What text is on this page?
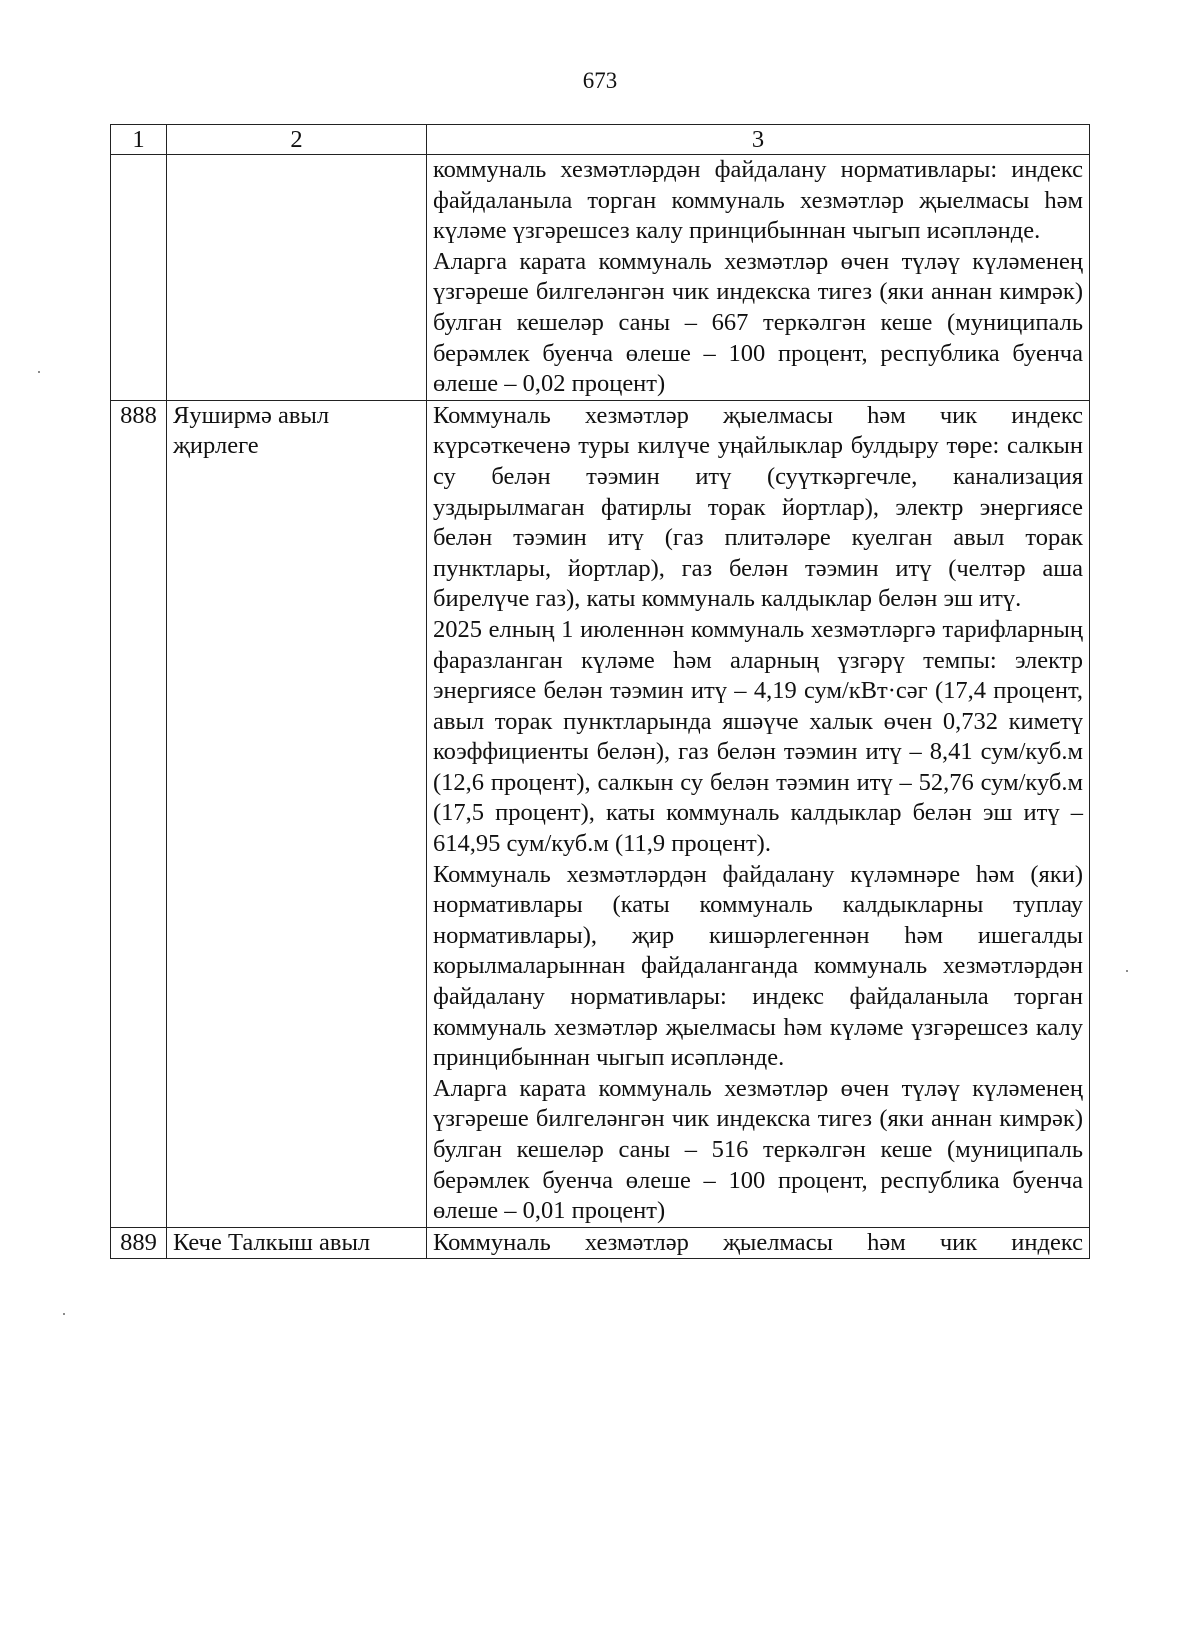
673
1	2	3

		коммуналь хезмәтләрдән файдалану нормативлары: индекс файдаланыла торган коммуналь хезмәтләр җыелмасы һәм күләме үзгәрешсез калу принцибыннан чыгып исәпләнде.
Аларга карата коммуналь хезмәтләр өчен түләү күләменең үзгәреше билгеләнгән чик индекска тигез (яки аннан кимрәк) булган кешеләр саны – 667 теркәлгән кеше (муниципаль берәмлек буенча өлеше – 100 процент, республика буенча өлеше – 0,02 процент)

888	Яуширмә авыл җирлеге	Коммуналь хезмәтләр җыелмасы һәм чик индекс күрсәткеченә туры килүче уңайлыклар булдыру төре: салкын су белән тәэмин итү (суүткәргечле, канализация уздырылмаган фатирлы торак йортлар), электр энергиясе белән тәэмин итү (газ плитәләре куелган авыл торак пунктлары, йортлар), газ белән тәэмин итү (челтәр аша бирелүче газ), каты коммуналь калдыклар белән эш итү.
2025 елның 1 июленнән коммуналь хезмәтләргә тарифларның фаразланган күләме һәм аларның үзгәрү темпы: электр энергиясе белән тәэмин итү – 4,19 сум/кВт·сәг (17,4 процент, авыл торак пунктларында яшәүче халык өчен 0,732 киметү коэффициенты белән), газ белән тәэмин итү – 8,41 сум/куб.м (12,6 процент), салкын су белән тәэмин итү – 52,76 сум/куб.м (17,5 процент), каты коммуналь калдыклар белән эш итү – 614,95 сум/куб.м (11,9 процент).
Коммуналь хезмәтләрдән файдалану күләмнәре һәм (яки) нормативлары (каты коммуналь калдыкларны туплау нормативлары), җир кишәрлегеннән һәм ишегалды корылмаларыннан файдаланганда коммуналь хезмәтләрдән файдалану нормативлары: индекс файдаланыла торган коммуналь хезмәтләр җыелмасы һәм күләме үзгәрешсез калу принцибыннан чыгып исәпләнде.
Аларга карата коммуналь хезмәтләр өчен түләү күләменең үзгәреше билгеләнгән чик индекска тигез (яки аннан кимрәк) булган кешеләр саны – 516 теркәлгән кеше (муниципаль берәмлек буенча өлеше – 100 процент, республика буенча өлеше – 0,01 процент)

889	Кече Талкыш авыл	Коммуналь хезмәтләр җыелмасы һәм чик индекс
